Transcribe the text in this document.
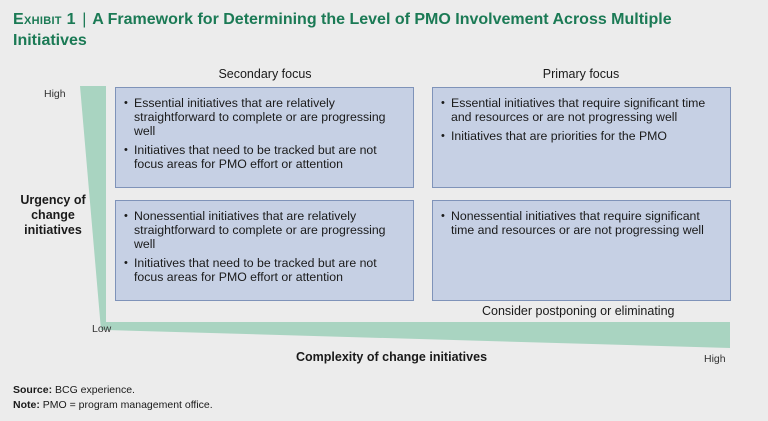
Exhibit 1 | A Framework for Determining the Level of PMO Involvement Across Multiple Initiatives
Secondary focus	Primary focus
High
Low
High
Urgency of change initiatives
Complexity of change initiatives
• Essential initiatives that are relatively straightforward to complete or are progressing well
• Initiatives that need to be tracked but are not focus areas for PMO effort or attention
• Essential initiatives that require significant time and resources or are not progressing well
• Initiatives that are priorities for the PMO
• Nonessential initiatives that are relatively straightforward to complete or are progressing well
• Initiatives that need to be tracked but are not focus areas for PMO effort or attention
• Nonessential initiatives that require significant time and resources or are not progressing well
Consider postponing or eliminating
Source: BCG experience.
Note: PMO = program management office.
